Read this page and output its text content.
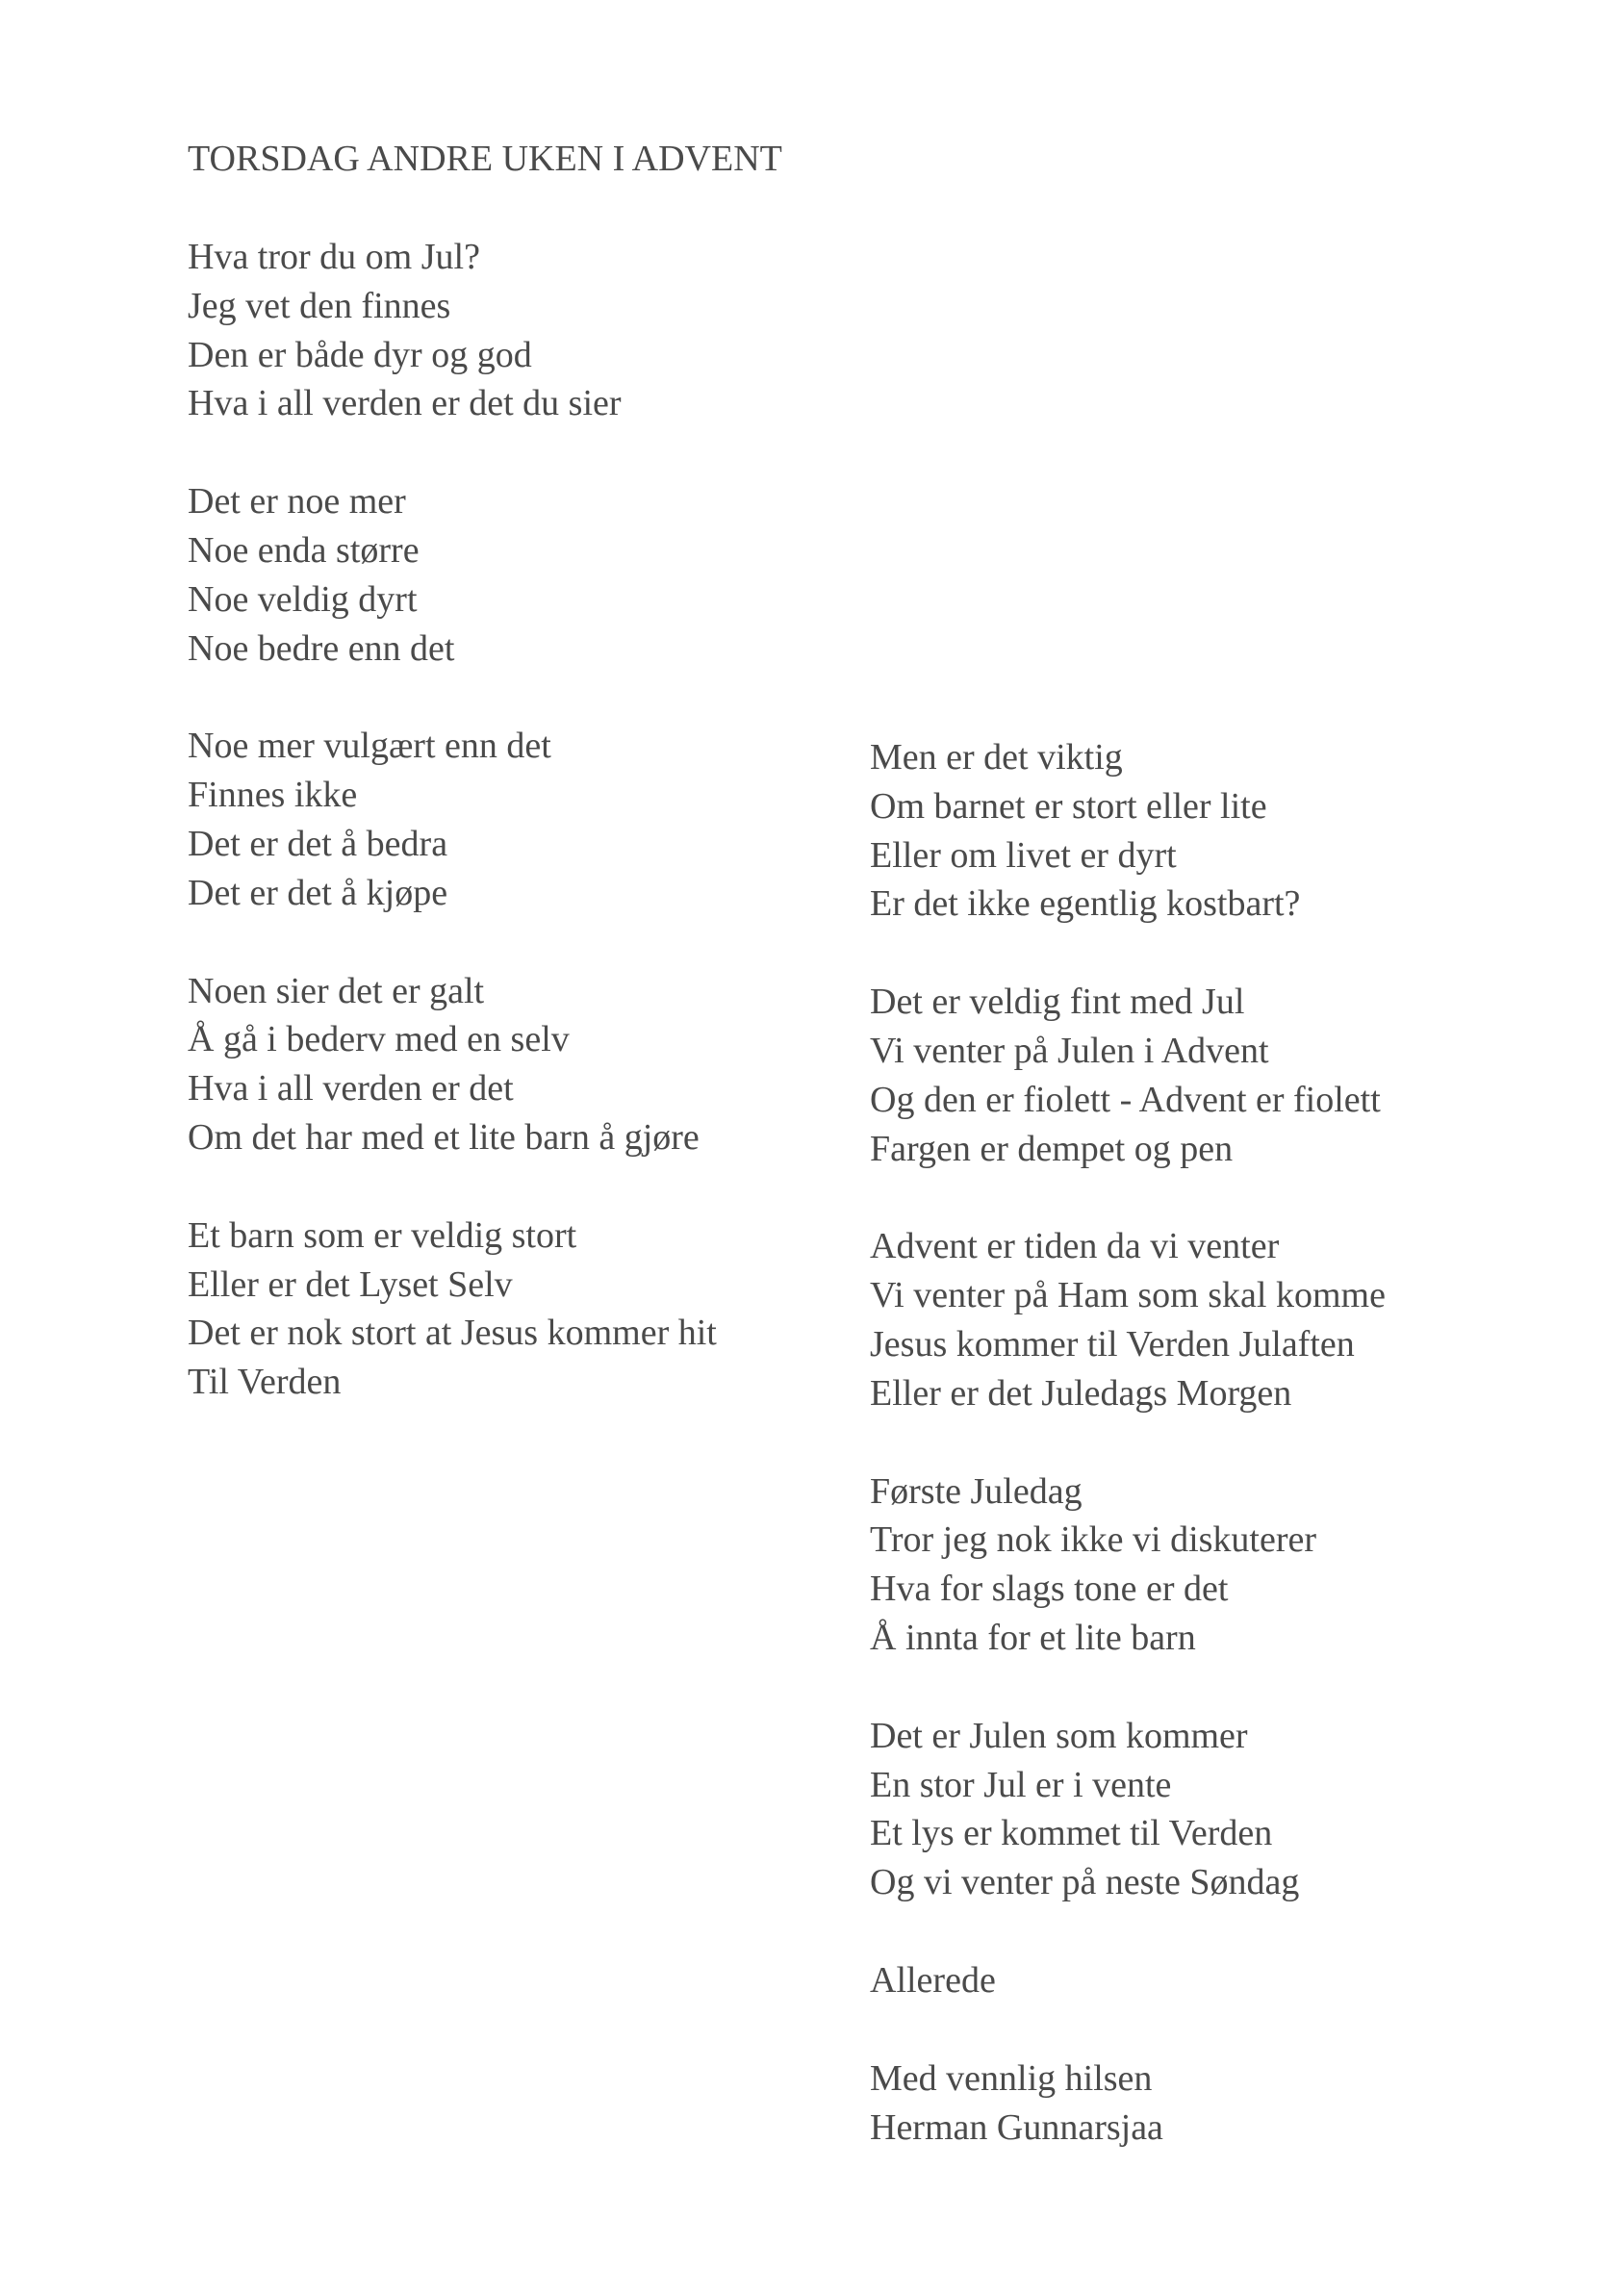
TORSDAG ANDRE UKEN I ADVENT
Hva tror du om Jul?
Jeg vet den finnes
Den er både dyr og god
Hva i all verden er det du sier
Det er noe mer
Noe enda større
Noe veldig dyrt
Noe bedre enn det
Noe mer vulgært enn det
Finnes ikke
Det er det å bedra
Det er det å kjøpe
Noen sier det er galt
Å gå i bederv med en selv
Hva i all verden er det
Om det har med et lite barn å gjøre
Et barn som er veldig stort
Eller er det Lyset Selv
Det er nok stort at Jesus kommer hit
Til Verden
Men er det viktig
Om barnet er stort eller lite
Eller om livet er dyrt
Er det ikke egentlig kostbart?
Det er veldig fint med Jul
Vi venter på Julen i Advent
Og den er fiolett - Advent er fiolett
Fargen er dempet og pen
Advent er tiden da vi venter
Vi venter på Ham som skal komme
Jesus kommer til Verden Julaften
Eller er det Juledags Morgen
Første Juledag
Tror jeg nok ikke vi diskuterer
Hva for slags tone er det
Å innta for et lite barn
Det er Julen som kommer
En stor Jul er i vente
Et lys er kommet til Verden
Og vi venter på neste Søndag
Allerede
Med vennlig hilsen
Herman Gunnarsjaa
